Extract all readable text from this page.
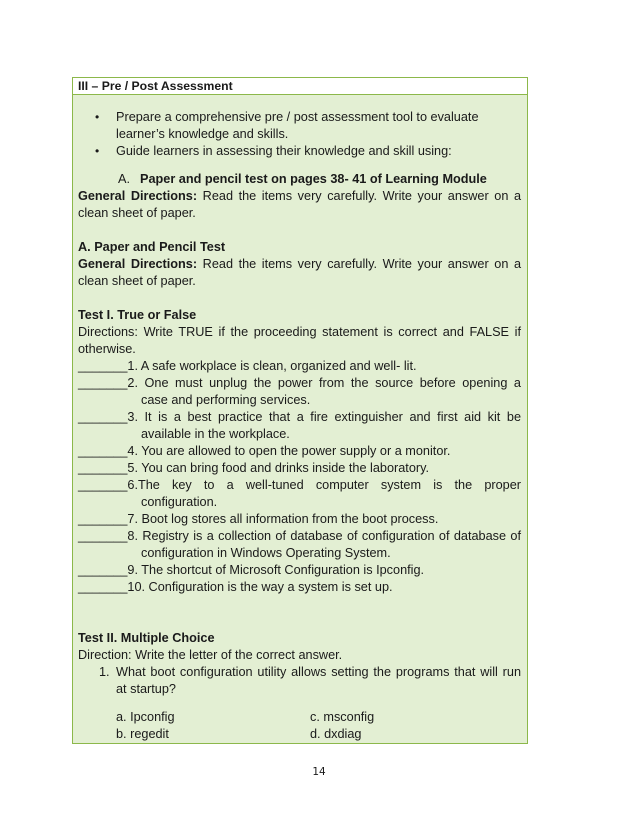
III – Pre / Post Assessment
• Prepare a comprehensive pre / post assessment tool to evaluate
learner’s knowledge and skills.
• Guide learners in assessing their knowledge and skill using:
A. Paper and pencil test on pages 38- 41 of Learning Module
General Directions: Read the items very carefully. Write your answer on a
clean sheet of paper.
A. Paper and Pencil Test
General Directions: Read the items very carefully. Write your answer on a
clean sheet of paper.
Test I. True or False
Directions: Write TRUE if the proceeding statement is correct and FALSE if
otherwise.
_______1. A safe workplace is clean, organized and well- lit.
_______2. One must unplug the power from the source before opening a
case and performing services.
_______3. It is a best practice that a fire extinguisher and first aid kit be
available in the workplace.
_______4. You are allowed to open the power supply or a monitor.
_______5. You can bring food and drinks inside the laboratory.
_______6.The key to a well-tuned computer system is the proper
configuration.
_______7. Boot log stores all information from the boot process.
_______8. Registry is a collection of database of configuration of database of
configuration in Windows Operating System.
_______9. The shortcut of Microsoft Configuration is Ipconfig.
_______10. Configuration is the way a system is set up.
Test II. Multiple Choice
Direction: Write the letter of the correct answer.
1. What boot configuration utility allows setting the programs that will run
at startup?
a. Ipconfig	c. msconfig
b. regedit	d. dxdiag
14
